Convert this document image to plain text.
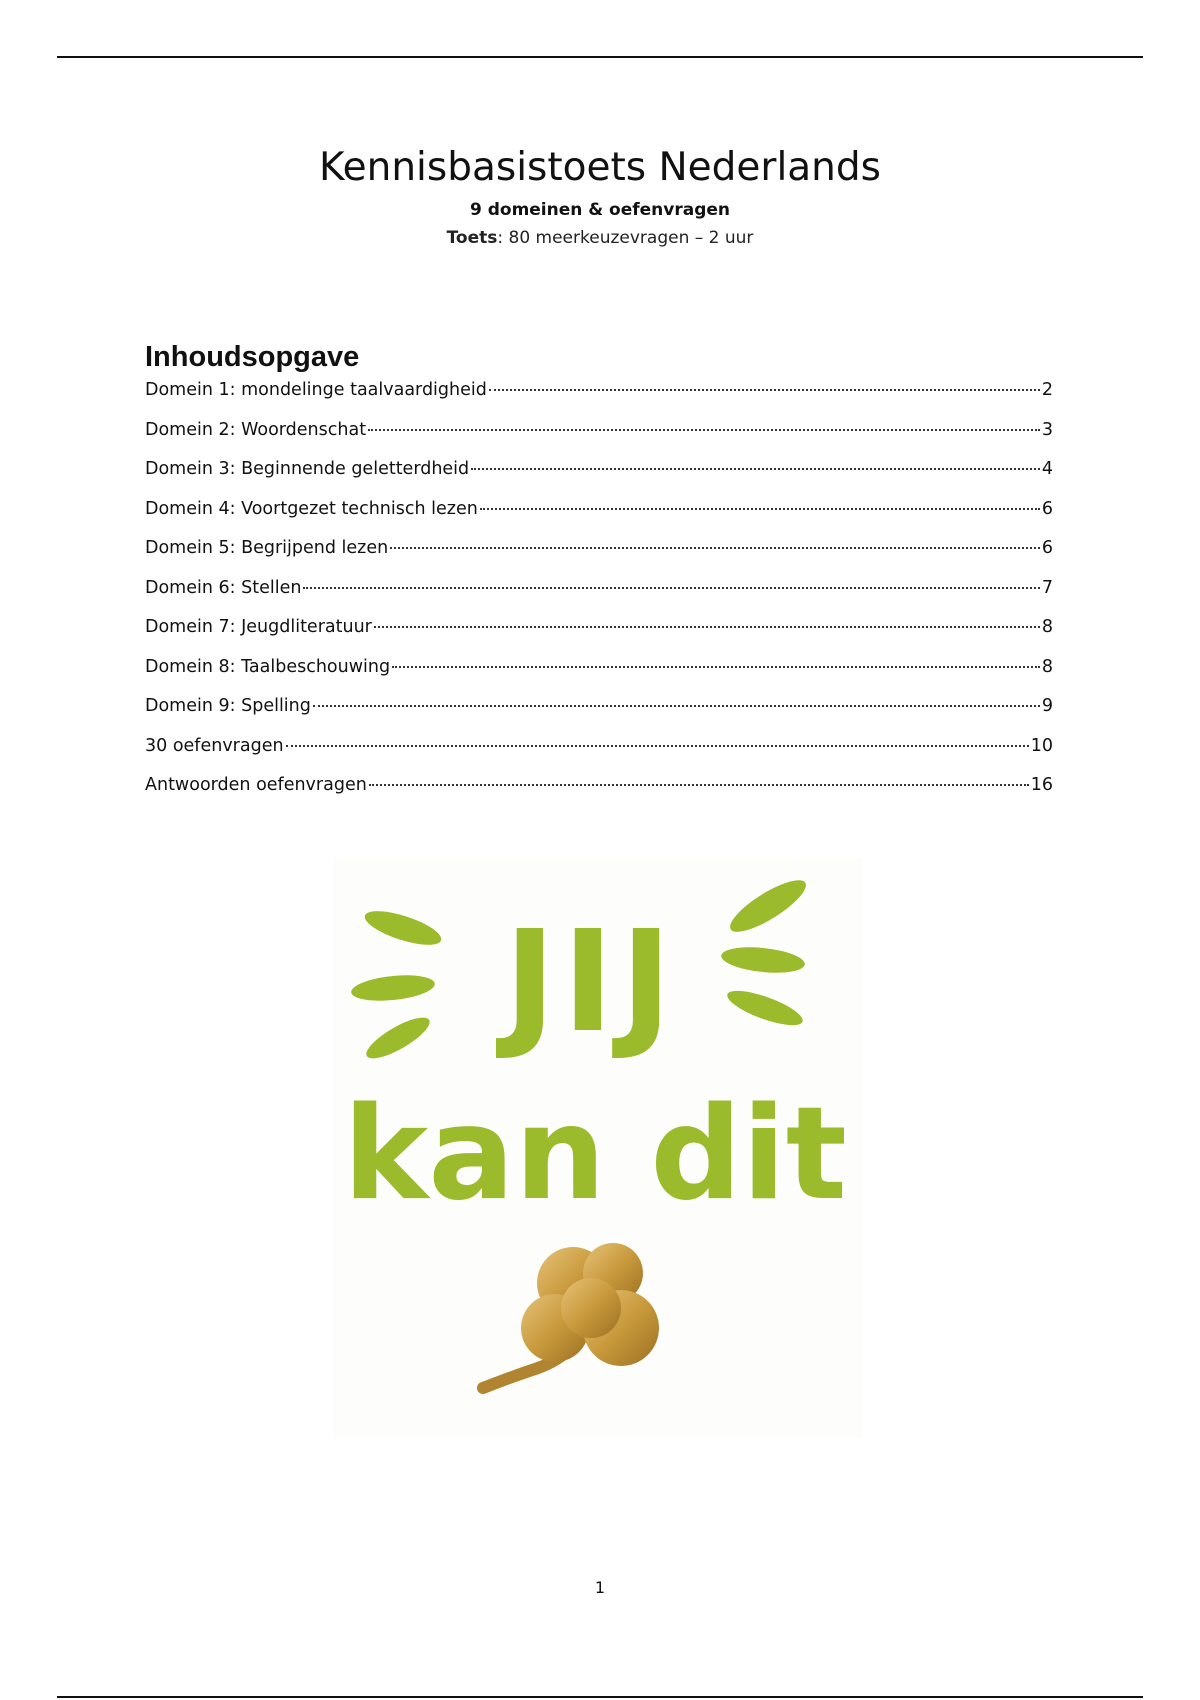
Kennisbasistoets Nederlands
9 domeinen & oefenvragen
Toets: 80 meerkeuzevragen – 2 uur
Inhoudsopgave
Domein 1: mondelinge taalvaardigheid	2
Domein 2: Woordenschat	3
Domein 3: Beginnende geletterdheid	4
Domein 4: Voortgezet technisch lezen	6
Domein 5: Begrijpend lezen	6
Domein 6: Stellen	7
Domein 7: Jeugdliteratuur	8
Domein 8: Taalbeschouwing	8
Domein 9: Spelling	9
30 oefenvragen	10
Antwoorden oefenvragen	16
JIJ
kan dit
1
